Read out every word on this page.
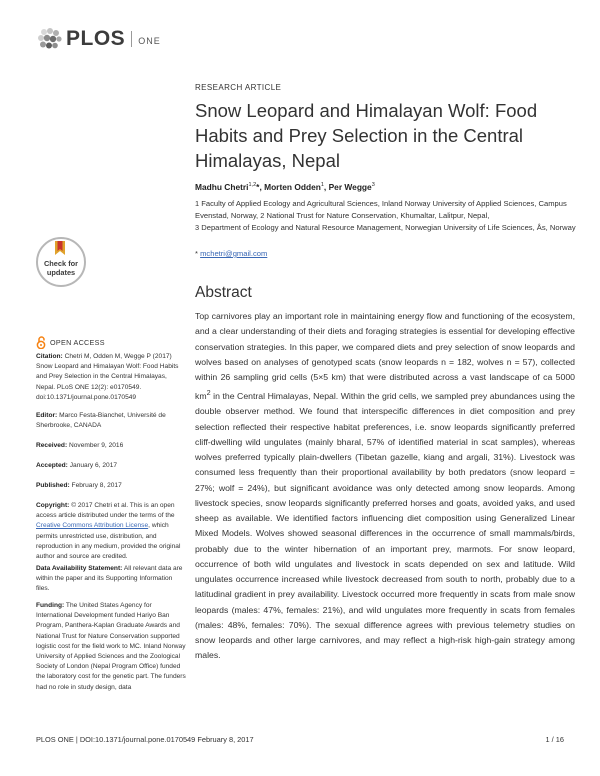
PLOS ONE
RESEARCH ARTICLE
Snow Leopard and Himalayan Wolf: Food Habits and Prey Selection in the Central Himalayas, Nepal
Madhu Chetri$^{1,2}$*, Morten Odden$^1$, Per Wegge$^3$
1 Faculty of Applied Ecology and Agricultural Sciences, Inland Norway University of Applied Sciences, Campus Evenstad, Norway, 2 National Trust for Nature Conservation, Khumaltar, Lalitpur, Nepal,
3 Department of Ecology and Natural Resource Management, Norwegian University of Life Sciences, Ås, Norway
* mchetri@gmail.com
Check for
updates
OPEN ACCESS
Citation: Chetri M, Odden M, Wegge P (2017) Snow Leopard and Himalayan Wolf: Food Habits and Prey Selection in the Central Himalayas, Nepal. PLoS ONE 12(2): e0170549. doi:10.1371/journal.pone.0170549
Editor: Marco Festa-Bianchet, Université de Sherbrooke, CANADA
Received: November 9, 2016
Accepted: January 6, 2017
Published: February 8, 2017
Copyright: © 2017 Chetri et al. This is an open access article distributed under the terms of the Creative Commons Attribution License, which permits unrestricted use, distribution, and reproduction in any medium, provided the original author and source are credited.
Data Availability Statement: All relevant data are within the paper and its Supporting Information files.
Funding: The United States Agency for International Development funded Hariyo Ban Program, Panthera-Kaplan Graduate Awards and National Trust for Nature Conservation supported logistic cost for the field work to MC. Inland Norway University of Applied Sciences and the Zoological Society of London (Nepal Program Office) funded the laboratory cost for the genetic part. The funders had no role in study design, data
Abstract
Top carnivores play an important role in maintaining energy flow and functioning of the ecosystem, and a clear understanding of their diets and foraging strategies is essential for developing effective conservation strategies. In this paper, we compared diets and prey selection of snow leopards and wolves based on analyses of genotyped scats (snow leopards n = 182, wolves n = 57), collected within 26 sampling grid cells (5×5 km) that were distributed across a vast landscape of ca 5000 $km^2$ in the Central Himalayas, Nepal. Within the grid cells, we sampled prey abundances using the double observer method. We found that interspecific differences in diet composition and prey selection reflected their respective habitat preferences, i.e. snow leopards significantly preferred cliff-dwelling wild ungulates (mainly bharal, 57% of identified material in scat samples), whereas wolves preferred typically plain-dwellers (Tibetan gazelle, kiang and argali, 31%). Livestock was consumed less frequently than their proportional availability by both predators (snow leopard = 27%; wolf = 24%), but significant avoidance was only detected among snow leopards. Among livestock species, snow leopards significantly preferred horses and goats, avoided yaks, and used sheep as available. We identified factors influencing diet composition using Generalized Linear Mixed Models. Wolves showed seasonal differences in the occurrence of small mammals/birds, probably due to the winter hibernation of an important prey, marmots. For snow leopard, occurrence of both wild ungulates and livestock in scats depended on sex and latitude. Wild ungulates occurrence increased while livestock decreased from south to north, probably due to a latitudinal gradient in prey availability. Livestock occurred more frequently in scats from male snow leopards (males: 47%, females: 21%), and wild ungulates more frequently in scats from females (males: 48%, females: 70%). The sexual difference agrees with previous telemetry studies on snow leopards and other large carnivores, and may reflect a high-risk high-gain strategy among males.
PLOS ONE | DOI:10.1371/journal.pone.0170549 February 8, 2017	1 / 16
